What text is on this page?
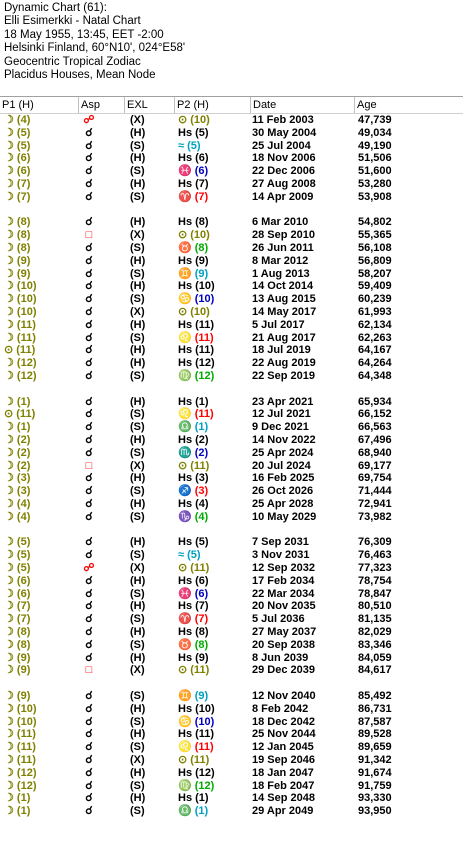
Dynamic Chart (61):
Elli Esimerkki - Natal Chart
18 May 1955, 13:45, EET -2:00
Helsinki Finland, 60°N10', 024°E58'
Geocentric Tropical Zodiac
Placidus Houses, Mean Node
P1 (H)	Asp	EXL	P2 (H)	Date	Age
☽ (4)	☍	(X)	⊙ (10)	11 Feb 2003	47,739
☽ (5)	☌	(H)	Hs (5)	30 May 2004	49,034
☽ (5)	☌	(S)	≈ (5)	25 Jul 2004	49,190
☽ (6)	☌	(H)	Hs (6)	18 Nov 2006	51,506
☽ (6)	☌	(S)	♓ (6)	22 Dec 2006	51,600
☽ (7)	☌	(H)	Hs (7)	27 Aug 2008	53,280
☽ (7)	☌	(S)	♈ (7)	14 Apr 2009	53,908
☽ (8)	☌	(H)	Hs (8)	6 Mar 2010	54,802
☽ (8)	□	(X)	⊙ (10)	28 Sep 2010	55,365
☽ (8)	☌	(S)	♉ (8)	26 Jun 2011	56,108
☽ (9)	☌	(H)	Hs (9)	8 Mar 2012	56,809
☽ (9)	☌	(S)	♊ (9)	1 Aug 2013	58,207
☽ (10)	☌	(H)	Hs (10)	14 Oct 2014	59,409
☽ (10)	☌	(S)	♋ (10)	13 Aug 2015	60,239
☽ (10)	☌	(X)	⊙ (10)	14 May 2017	61,993
☽ (11)	☌	(H)	Hs (11)	5 Jul 2017	62,134
☽ (11)	☌	(S)	♌ (11)	21 Aug 2017	62,263
⊙ (11)	☌	(H)	Hs (11)	18 Jul 2019	64,167
☽ (12)	☌	(H)	Hs (12)	22 Aug 2019	64,264
☽ (12)	☌	(S)	♍ (12)	22 Sep 2019	64,348
☽ (1)	☌	(H)	Hs (1)	23 Apr 2021	65,934
⊙ (11)	☌	(S)	♌ (11)	12 Jul 2021	66,152
☽ (1)	☌	(S)	♎ (1)	9 Dec 2021	66,563
☽ (2)	☌	(H)	Hs (2)	14 Nov 2022	67,496
☽ (2)	☌	(S)	♏ (2)	25 Apr 2024	68,940
☽ (2)	□	(X)	⊙ (11)	20 Jul 2024	69,177
☽ (3)	☌	(H)	Hs (3)	16 Feb 2025	69,754
☽ (3)	☌	(S)	♐ (3)	26 Oct 2026	71,444
☽ (4)	☌	(H)	Hs (4)	25 Apr 2028	72,941
☽ (4)	☌	(S)	♑ (4)	10 May 2029	73,982
☽ (5)	☌	(H)	Hs (5)	7 Sep 2031	76,309
☽ (5)	☌	(S)	≈ (5)	3 Nov 2031	76,463
☽ (5)	☍	(X)	⊙ (11)	12 Sep 2032	77,323
☽ (6)	☌	(H)	Hs (6)	17 Feb 2034	78,754
☽ (6)	☌	(S)	♓ (6)	22 Mar 2034	78,847
☽ (7)	☌	(H)	Hs (7)	20 Nov 2035	80,510
☽ (7)	☌	(S)	♈ (7)	5 Jul 2036	81,135
☽ (8)	☌	(H)	Hs (8)	27 May 2037	82,029
☽ (8)	☌	(S)	♉ (8)	20 Sep 2038	83,346
☽ (9)	☌	(H)	Hs (9)	8 Jun 2039	84,059
☽ (9)	□	(X)	⊙ (11)	29 Dec 2039	84,617
☽ (9)	☌	(S)	♊ (9)	12 Nov 2040	85,492
☽ (10)	☌	(H)	Hs (10)	8 Feb 2042	86,731
☽ (10)	☌	(S)	♋ (10)	18 Dec 2042	87,587
☽ (11)	☌	(H)	Hs (11)	25 Nov 2044	89,528
☽ (11)	☌	(S)	♌ (11)	12 Jan 2045	89,659
☽ (11)	☌	(X)	⊙ (11)	19 Sep 2046	91,342
☽ (12)	☌	(H)	Hs (12)	18 Jan 2047	91,674
☽ (12)	☌	(S)	♍ (12)	18 Feb 2047	91,759
☽ (1)	☌	(H)	Hs (1)	14 Sep 2048	93,330
☽ (1)	☌	(S)	♎ (1)	29 Apr 2049	93,950
